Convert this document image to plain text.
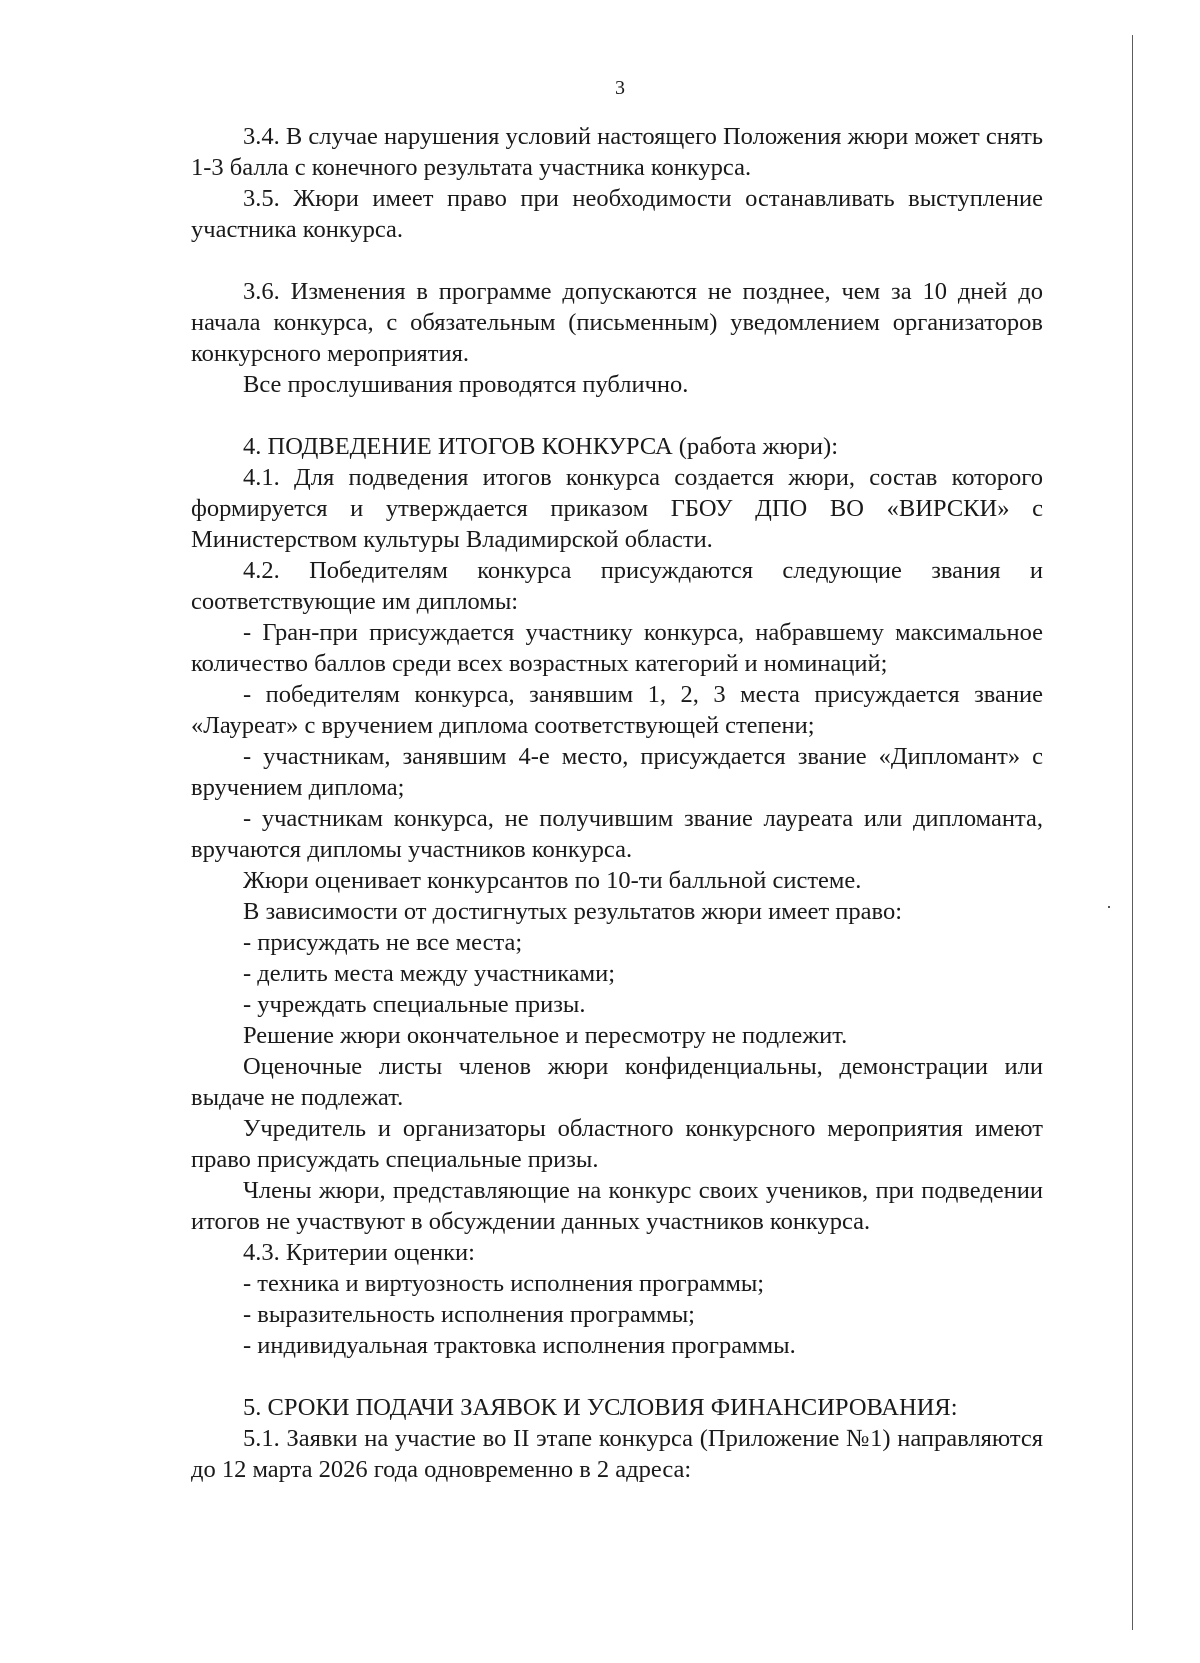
3

3.4. В случае нарушения условий настоящего Положения жюри может снять 1-3 балла с конечного результата участника конкурса.

3.5. Жюри имеет право при необходимости останавливать выступление участника конкурса.

3.6. Изменения в программе допускаются не позднее, чем за 10 дней до начала конкурса, с обязательным (письменным) уведомлением организаторов конкурсного мероприятия.

Все прослушивания проводятся публично.

4. ПОДВЕДЕНИЕ ИТОГОВ КОНКУРСА (работа жюри):

4.1. Для подведения итогов конкурса создается жюри, состав которого формируется и утверждается приказом ГБОУ ДПО ВО «ВИРСКИ» с Министерством культуры Владимирской области.

4.2. Победителям конкурса присуждаются следующие звания и соответствующие им дипломы:

- Гран-при присуждается участнику конкурса, набравшему максимальное количество баллов среди всех возрастных категорий и номинаций;

- победителям конкурса, занявшим 1, 2, 3 места присуждается звание «Лауреат» с вручением диплома соответствующей степени;

- участникам, занявшим 4-е место, присуждается звание «Дипломант» с вручением диплома;

- участникам конкурса, не получившим звание лауреата или дипломанта, вручаются дипломы участников конкурса.

Жюри оценивает конкурсантов по 10-ти балльной системе.

В зависимости от достигнутых результатов жюри имеет право:

- присуждать не все места;

- делить места между участниками;

- учреждать специальные призы.

Решение жюри окончательное и пересмотру не подлежит.

Оценочные листы членов жюри конфиденциальны, демонстрации или выдаче не подлежат.

Учредитель и организаторы областного конкурсного мероприятия имеют право присуждать специальные призы.

Члены жюри, представляющие на конкурс своих учеников, при подведении итогов не участвуют в обсуждении данных участников конкурса.

4.3. Критерии оценки:

- техника и виртуозность исполнения программы;

- выразительность исполнения программы;

- индивидуальная трактовка исполнения программы.

5. СРОКИ ПОДАЧИ ЗАЯВОК И УСЛОВИЯ ФИНАНСИРОВАНИЯ:

5.1. Заявки на участие во II этапе конкурса (Приложение №1) направляются до 12 марта 2026 года одновременно в 2 адреса:
